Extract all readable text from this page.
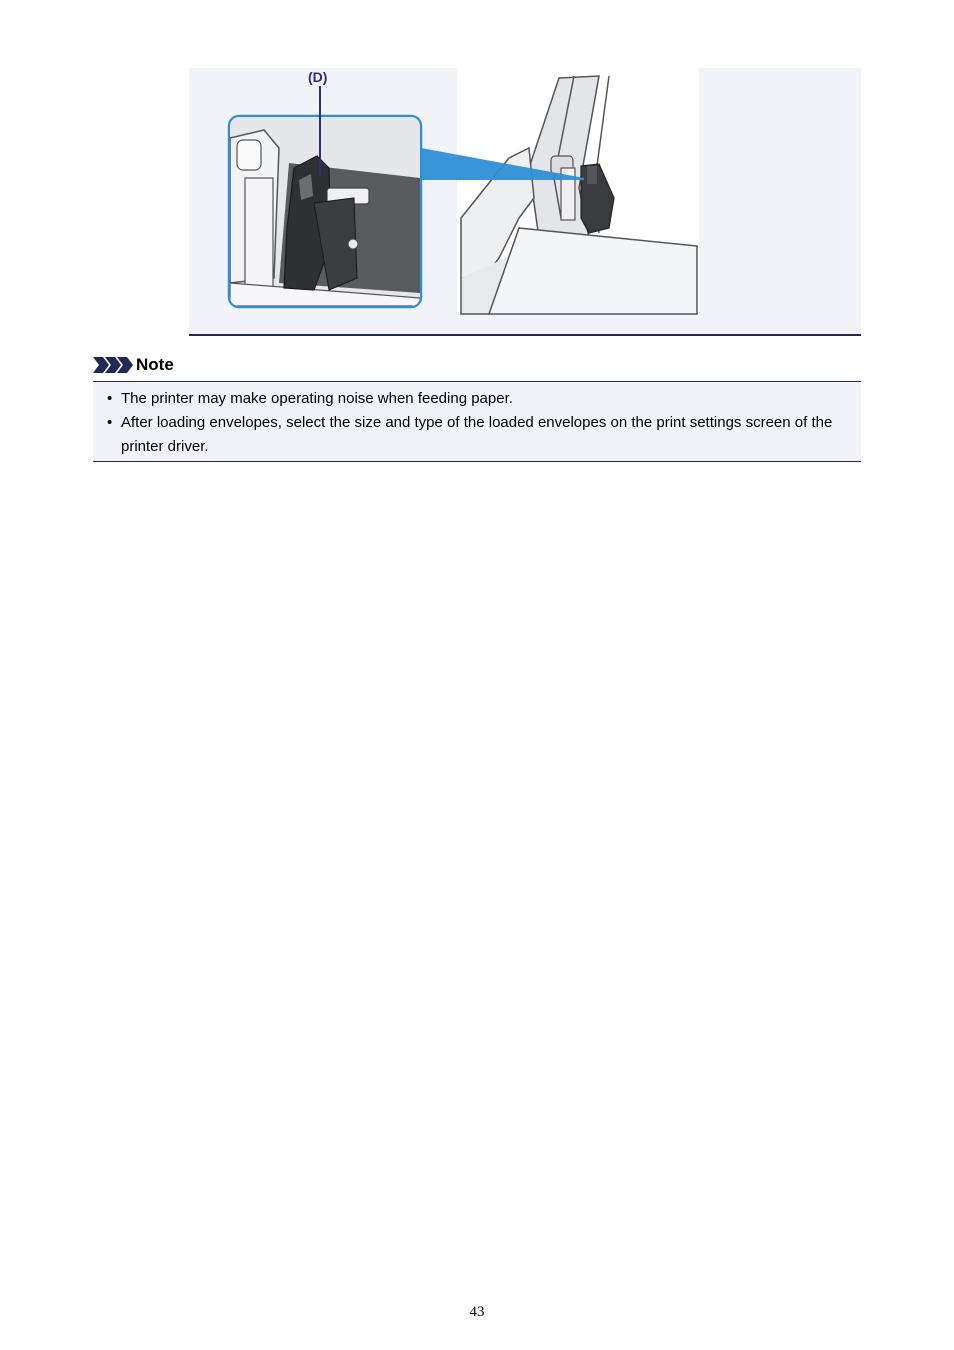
(D)
Note
• The printer may make operating noise when feeding paper.
• After loading envelopes, select the size and type of the loaded envelopes on the print settings screen of the printer driver.
43
